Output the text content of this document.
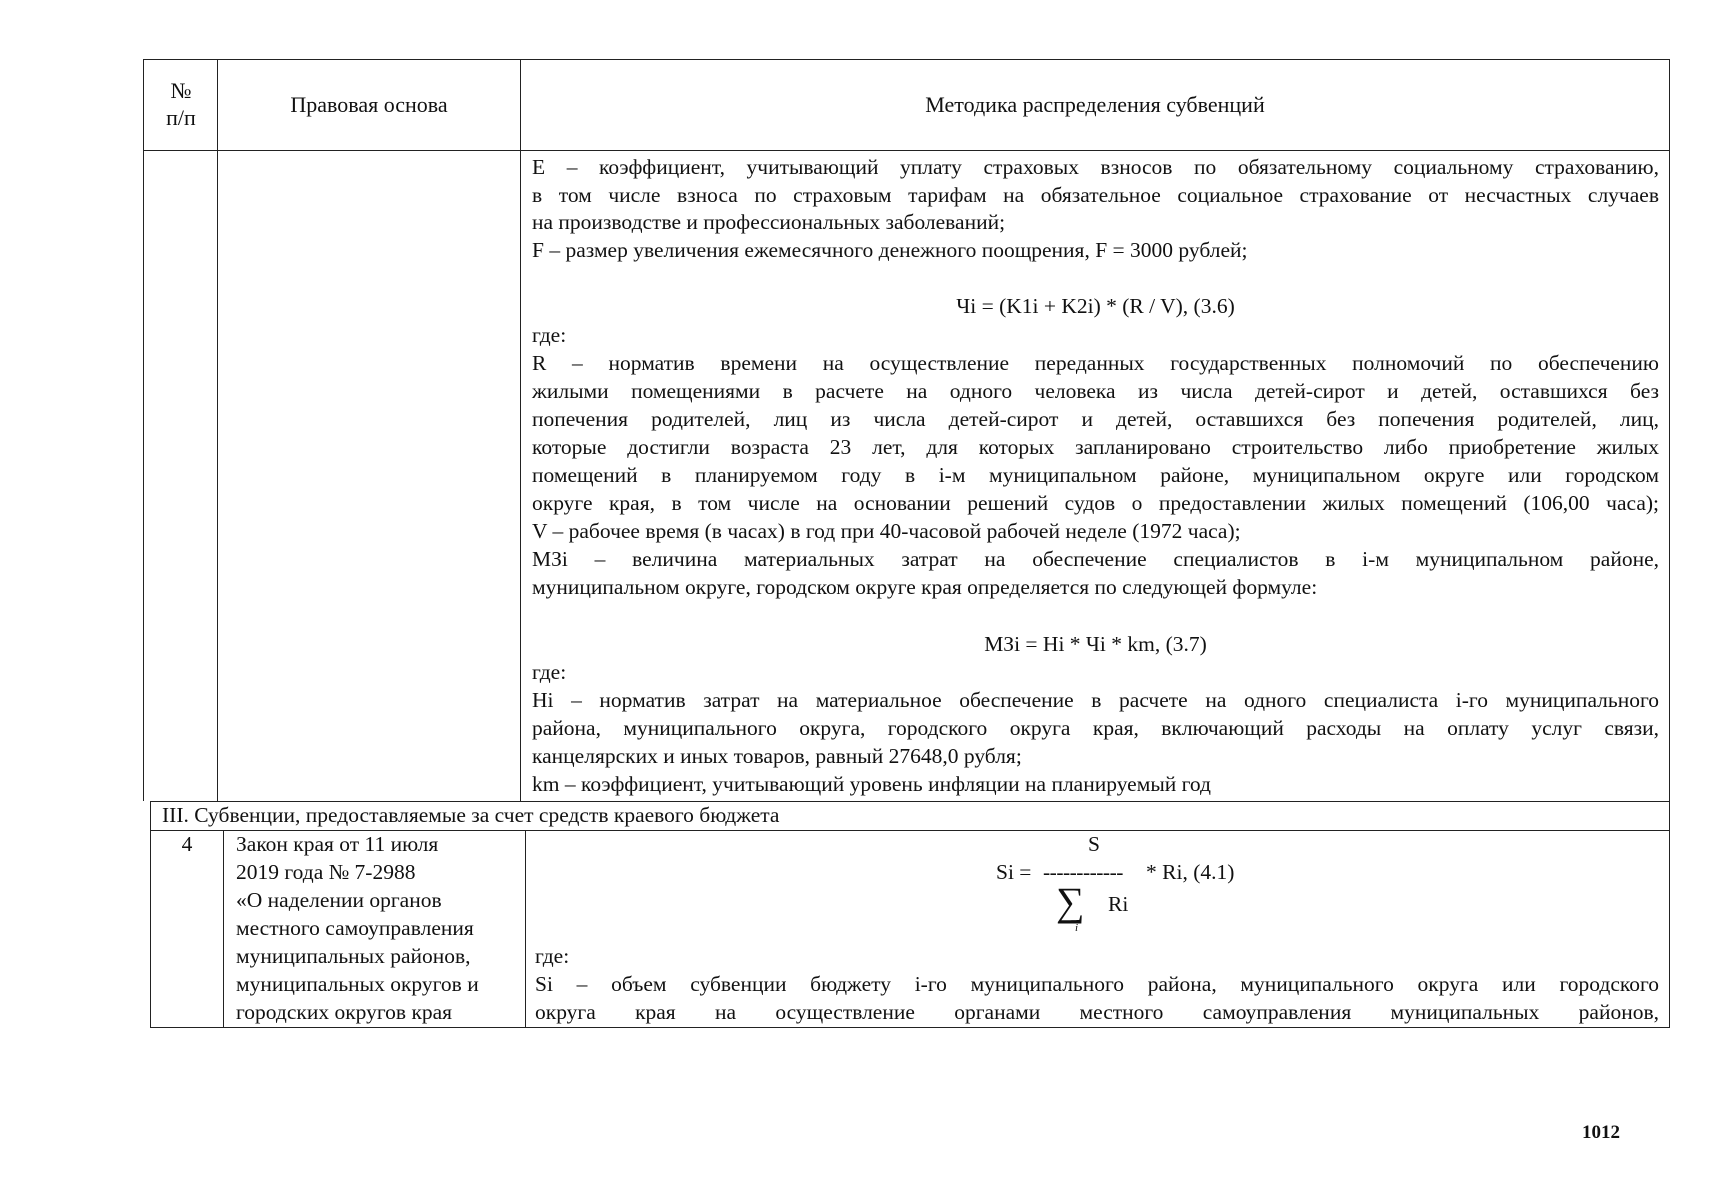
№
п/п
Правовая основа	Методика распределения субвенций
E – коэффициент, учитывающий уплату страховых взносов по обязательному социальному страхованию,
в том числе взноса по страховым тарифам на обязательное социальное страхование от несчастных случаев
на производстве и профессиональных заболеваний;
F – размер увеличения ежемесячного денежного поощрения, F = 3000 рублей;
Чi = (K1i + K2i) * (R / V), (3.6)
где:
R – норматив времени на осуществление переданных государственных полномочий по обеспечению
жилыми помещениями в расчете на одного человека из числа детей-сирот и детей, оставшихся без
попечения родителей, лиц из числа детей-сирот и детей, оставшихся без попечения родителей, лиц,
которые достигли возраста 23 лет, для которых запланировано строительство либо приобретение жилых
помещений в планируемом году в i-м муниципальном районе, муниципальном округе или городском
округе края, в том числе на основании решений судов о предоставлении жилых помещений (106,00 часа);
V – рабочее время (в часах) в год при 40-часовой рабочей неделе (1972 часа);
МЗi – величина материальных затрат на обеспечение специалистов в i-м муниципальном районе,
муниципальном округе, городском округе края определяется по следующей формуле:
МЗi = Hi * Чi * km, (3.7)
где:
Hi – норматив затрат на материальное обеспечение в расчете на одного специалиста i-го муниципального
района, муниципального округа, городского округа края, включающий расходы на оплату услуг связи,
канцелярских и иных товаров, равный 27648,0 рубля;
km – коэффициент, учитывающий уровень инфляции на планируемый год
III. Субвенции, предоставляемые за счет средств краевого бюджета
4	Закон края от 11 июля
2019 года № 7-2988
«О наделении органов
местного самоуправления
муниципальных районов,
муниципальных округов и
городских округов края
S
Si = ------------ * Ri, (4.1)
∑
i
Ri
где:
Si – объем субвенции бюджету i-го муниципального района, муниципального округа или городского
округа края на осуществление органами местного самоуправления муниципальных районов,
1012
